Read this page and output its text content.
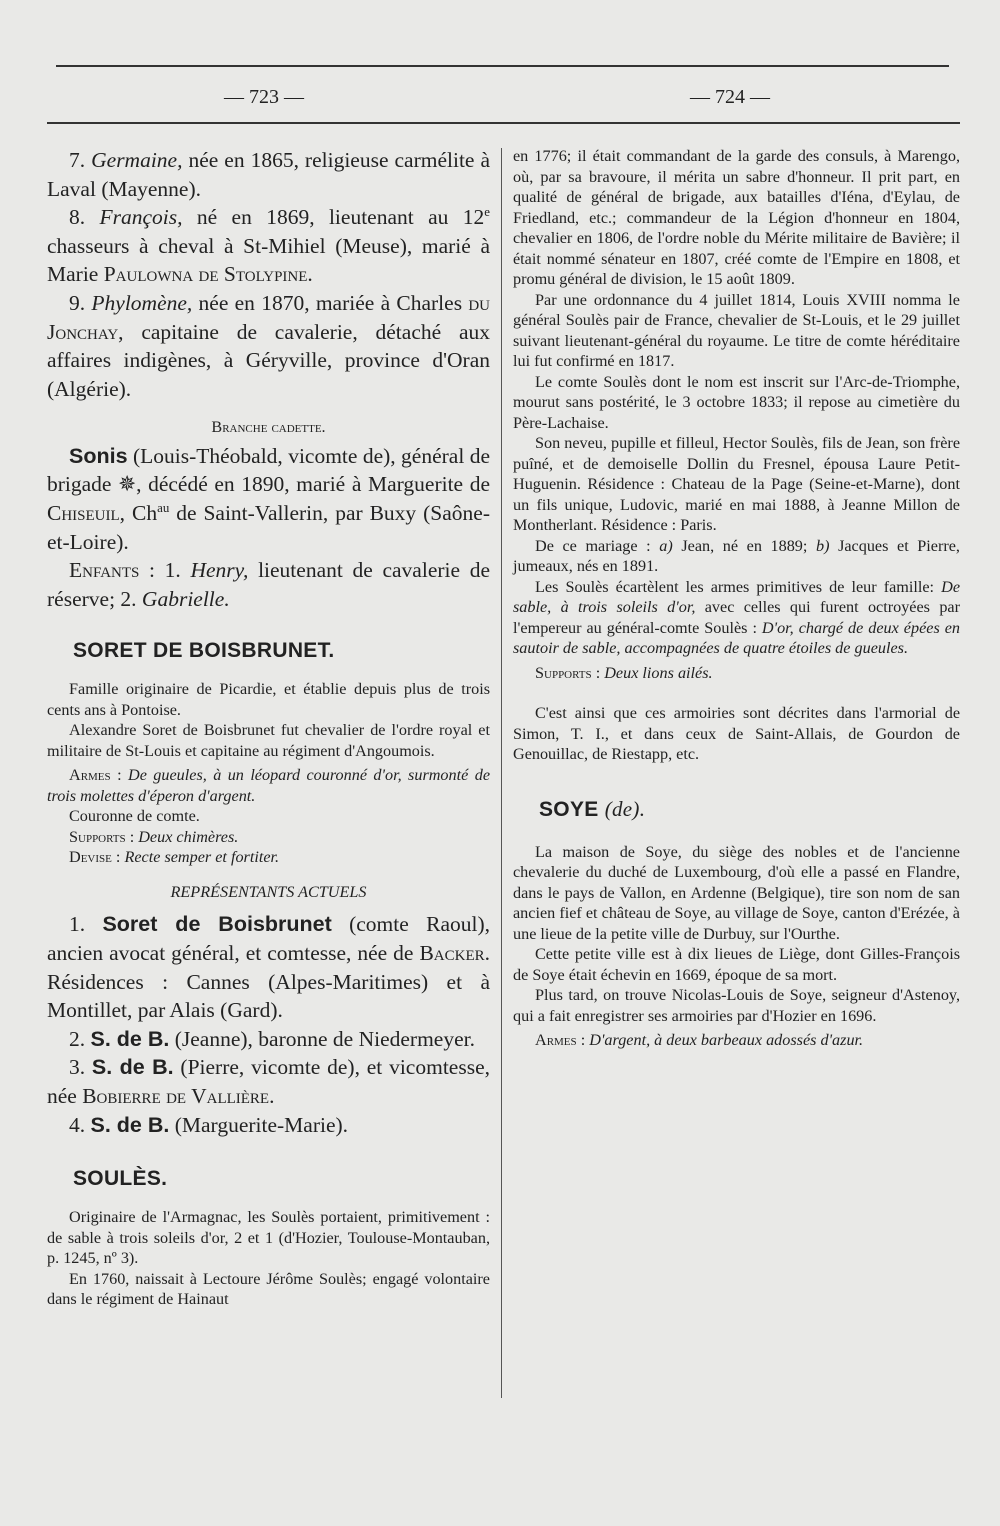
— 723 —	— 724 —

7. Germaine, née en 1865, religieuse carmélite à Laval (Mayenne).

8. François, né en 1869, lieutenant au 12e chasseurs à cheval à St-Mihiel (Meuse), marié à Marie Paulowna de Stolypine.

9. Phylomène, née en 1870, mariée à Charles du Jonchay, capitaine de cavalerie, détaché aux affaires indigènes, à Géryville, province d'Oran (Algérie).

Branche cadette.

Sonis (Louis-Théobald, vicomte de), général de brigade ✵, décédé en 1890, marié à Marguerite de Chiseuil, $Ch^{au}$ de Saint-Vallerin, par Buxy (Saône-et-Loire).

Enfants : 1. Henry, lieutenant de cavalerie de réserve; 2. Gabrielle.

SORET DE BOISBRUNET.

Famille originaire de Picardie, et établie depuis plus de trois cents ans à Pontoise.

Alexandre Soret de Boisbrunet fut chevalier de l'ordre royal et militaire de St-Louis et capitaine au régiment d'Angoumois.

Armes : De gueules, à un léopard couronné d'or, surmonté de trois molettes d'éperon d'argent.

Couronne de comte.

Supports : Deux chimères.

Devise : Recte semper et fortiter.

REPRÉSENTANTS ACTUELS

1. Soret de Boisbrunet (comte Raoul), ancien avocat général, et comtesse, née de Backer. Résidences : Cannes (Alpes-Maritimes) et à Montillet, par Alais (Gard).

2. S. de B. (Jeanne), baronne de Niedermeyer.

3. S. de B. (Pierre, vicomte de), et vicomtesse, née Bobierre de Vallière.

4. S. de B. (Marguerite-Marie).

SOULÈS.

Originaire de l'Armagnac, les Soulès portaient, primitivement : de sable à trois soleils d'or, 2 et 1 (d'Hozier, Toulouse-Montauban, p. 1245, nº 3).

En 1760, naissait à Lectoure Jérôme Soulès; engagé volontaire dans le régiment de Hainaut

en 1776; il était commandant de la garde des consuls, à Marengo, où, par sa bravoure, il mérita un sabre d'honneur. Il prit part, en qualité de général de brigade, aux batailles d'Iéna, d'Eylau, de Friedland, etc.; commandeur de la Légion d'honneur en 1804, chevalier en 1806, de l'ordre noble du Mérite militaire de Bavière; il était nommé sénateur en 1807, créé comte de l'Empire en 1808, et promu général de division, le 15 août 1809.

Par une ordonnance du 4 juillet 1814, Louis XVIII nomma le général Soulès pair de France, chevalier de St-Louis, et le 29 juillet suivant lieutenant-général du royaume. Le titre de comte héréditaire lui fut confirmé en 1817.

Le comte Soulès dont le nom est inscrit sur l'Arc-de-Triomphe, mourut sans postérité, le 3 octobre 1833; il repose au cimetière du Père-Lachaise.

Son neveu, pupille et filleul, Hector Soulès, fils de Jean, son frère puîné, et de demoiselle Dollin du Fresnel, épousa Laure Petit-Huguenin. Résidence : Chateau de la Page (Seine-et-Marne), dont un fils unique, Ludovic, marié en mai 1888, à Jeanne Millon de Montherlant. Résidence : Paris.

De ce mariage : a) Jean, né en 1889; b) Jacques et Pierre, jumeaux, nés en 1891.

Les Soulès écartèlent les armes primitives de leur famille: De sable, à trois soleils d'or, avec celles qui furent octroyées par l'empereur au général-comte Soulès : D'or, chargé de deux épées en sautoir de sable, accompagnées de quatre étoiles de gueules.

Supports : Deux lions ailés.

C'est ainsi que ces armoiries sont décrites dans l'armorial de Simon, T. I., et dans ceux de Saint-Allais, de Gourdon de Genouillac, de Riestapp, etc.

SOYE (de).

La maison de Soye, du siège des nobles et de l'ancienne chevalerie du duché de Luxembourg, d'où elle a passé en Flandre, dans le pays de Vallon, en Ardenne (Belgique), tire son nom de san ancien fief et château de Soye, au village de Soye, canton d'Erézée, à une lieue de la petite ville de Durbuy, sur l'Ourthe.

Cette petite ville est à dix lieues de Liège, dont Gilles-François de Soye était échevin en 1669, époque de sa mort.

Plus tard, on trouve Nicolas-Louis de Soye, seigneur d'Astenoy, qui a fait enregistrer ses armoiries par d'Hozier en 1696.

Armes : D'argent, à deux barbeaux adossés d'azur.
